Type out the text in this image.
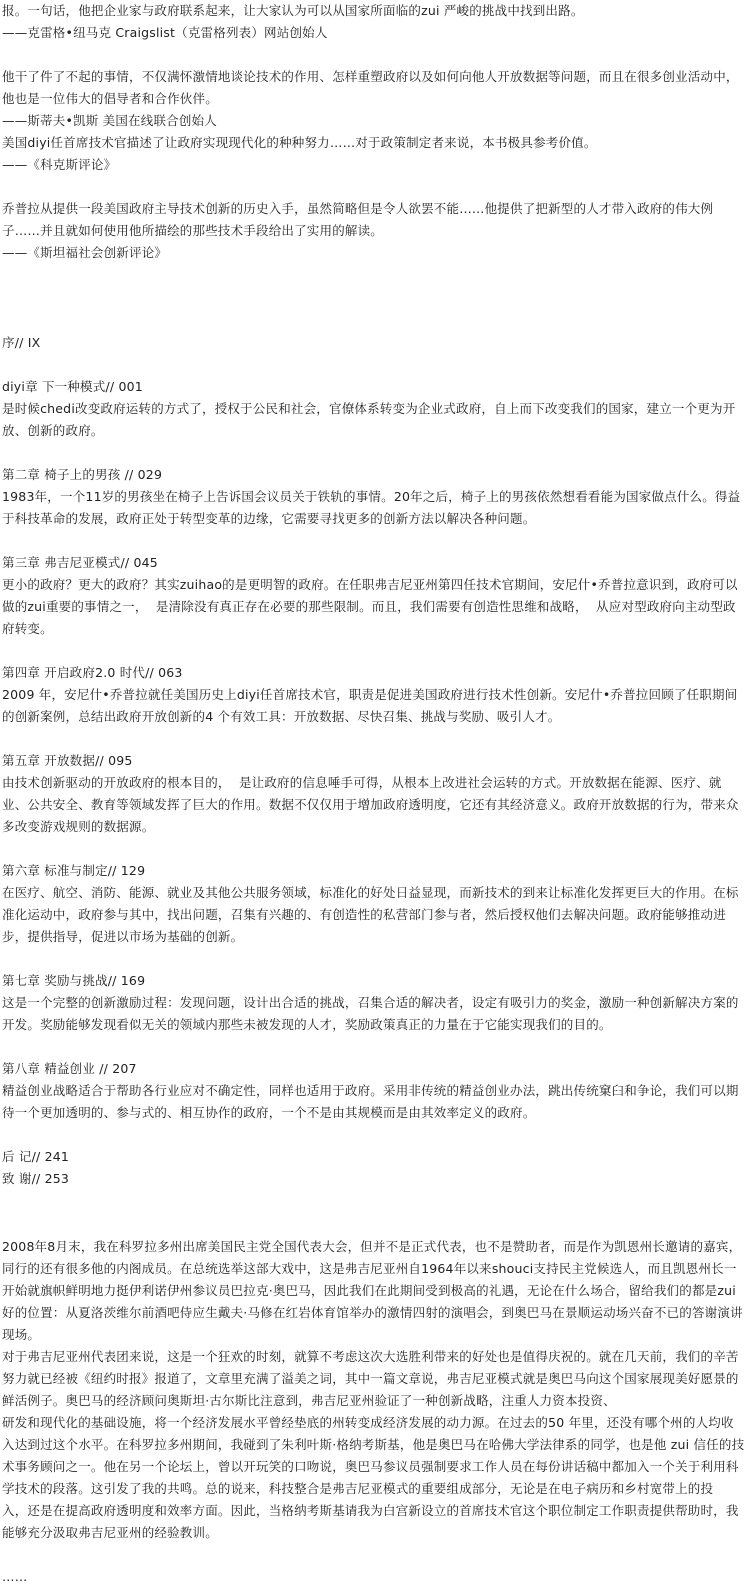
报。一句话，他把企业家与政府联系起来，让大家认为可以从国家所面临的zui 严峻的挑战中找到出路。

——克雷格•纽马克 Craigslist（克雷格列表）网站创始人

他干了件了不起的事情，不仅满怀激情地谈论技术的作用、怎样重塑政府以及如何向他人开放数据等问题，而且在很多创业活动中，他也是一位伟大的倡导者和合作伙伴。

——斯蒂夫•凯斯 美国在线联合创始人

美国diyi任首席技术官描述了让政府实现现代化的种种努力……对于政策制定者来说，本书极具参考价值。

——《科克斯评论》

乔普拉从提供一段美国政府主导技术创新的历史入手，虽然简略但是令人欲罢不能……他提供了把新型的人才带入政府的伟大例子……并且就如何使用他所描绘的那些技术手段给出了实用的解读。

——《斯坦福社会创新评论》

序// IX

diyi章 下一种模式// 001

是时候chedi改变政府运转的方式了，授权于公民和社会，官僚体系转变为企业式政府，自上而下改变我们的国家，建立一个更为开放、创新的政府。

第二章 椅子上的男孩 // 029

1983年，一个11岁的男孩坐在椅子上告诉国会议员关于铁轨的事情。20年之后，椅子上的男孩依然想看看能为国家做点什么。得益于科技革命的发展，政府正处于转型变革的边缘，它需要寻找更多的创新方法以解决各种问题。

第三章 弗吉尼亚模式// 045

更小的政府？更大的政府？其实zuihao的是更明智的政府。在任职弗吉尼亚州第四任技术官期间，安尼什•乔普拉意识到，政府可以做的zui重要的事情之一，  是清除没有真正存在必要的那些限制。而且，我们需要有创造性思维和战略，  从应对型政府向主动型政府转变。

第四章 开启政府2.0 时代// 063

2009 年，安尼什•乔普拉就任美国历史上diyi任首席技术官，职责是促进美国政府进行技术性创新。安尼什•乔普拉回顾了任职期间的创新案例，总结出政府开放创新的4 个有效工具：开放数据、尽快召集、挑战与奖励、吸引人才。

第五章 开放数据// 095

由技术创新驱动的开放政府的根本目的，  是让政府的信息唾手可得，从根本上改进社会运转的方式。开放数据在能源、医疗、就业、公共安全、教育等领域发挥了巨大的作用。数据不仅仅用于增加政府透明度，它还有其经济意义。政府开放数据的行为，带来众多改变游戏规则的数据源。

第六章 标准与制定// 129

在医疗、航空、消防、能源、就业及其他公共服务领域，标准化的好处日益显现，而新技术的到来让标准化发挥更巨大的作用。在标准化运动中，政府参与其中，找出问题，召集有兴趣的、有创造性的私营部门参与者，然后授权他们去解决问题。政府能够推动进步，提供指导，促进以市场为基础的创新。

第七章 奖励与挑战// 169

这是一个完整的创新激励过程：发现问题，设计出合适的挑战，召集合适的解决者，设定有吸引力的奖金，激励一种创新解决方案的开发。奖励能够发现看似无关的领域内那些未被发现的人才，奖励政策真正的力量在于它能实现我们的目的。

第八章 精益创业 // 207

精益创业战略适合于帮助各行业应对不确定性，同样也适用于政府。采用非传统的精益创业办法，跳出传统窠臼和争论，我们可以期待一个更加透明的、参与式的、相互协作的政府，一个不是由其规模而是由其效率定义的政府。

后 记// 241

致 谢// 253

2008年8月末，我在科罗拉多州出席美国民主党全国代表大会，但并不是正式代表，也不是赞助者，而是作为凯恩州长邀请的嘉宾，同行的还有很多他的内阁成员。在总统选举这部大戏中，这是弗吉尼亚州自1964年以来shouci支持民主党候选人，而且凯恩州长一开始就旗帜鲜明地力挺伊利诺伊州参议员巴拉克·奥巴马，因此我们在此期间受到极高的礼遇，无论在什么场合，留给我们的都是zui 好的位置：从夏洛茨维尔前酒吧侍应生戴夫·马修在红岩体育馆举办的激情四射的演唱会，到奥巴马在景顺运动场兴奋不已的答谢演讲现场。

对于弗吉尼亚州代表团来说，这是一个狂欢的时刻，就算不考虑这次大选胜利带来的好处也是值得庆祝的。就在几天前，我们的辛苦努力就已经被《纽约时报》报道了，文章里充满了溢美之词，其中一篇文章说，弗吉尼亚模式就是奥巴马向这个国家展现美好愿景的鲜活例子。奥巴马的经济顾问奥斯坦·古尔斯比注意到，弗吉尼亚州验证了一种创新战略，注重人力资本投资、
研发和现代化的基础设施，将一个经济发展水平曾经垫底的州转变成经济发展的动力源。在过去的50 年里，还没有哪个州的人均收入达到过这个水平。在科罗拉多州期间，我碰到了朱利叶斯·格纳考斯基，他是奥巴马在哈佛大学法律系的同学，也是他 zui 信任的技术事务顾问之一。他在另一个论坛上，曾以开玩笑的口吻说，奥巴马参议员强制要求工作人员在每份讲话稿中都加入一个关于利用科学技术的段落。这引发了我的共鸣。总的说来，科技整合是弗吉尼亚模式的重要组成部分，无论是在电子病历和乡村宽带上的投
入，还是在提高政府透明度和效率方面。因此，当格纳考斯基请我为白宫新设立的首席技术官这个职位制定工作职责提供帮助时，我能够充分汲取弗吉尼亚州的经验教训。

……
